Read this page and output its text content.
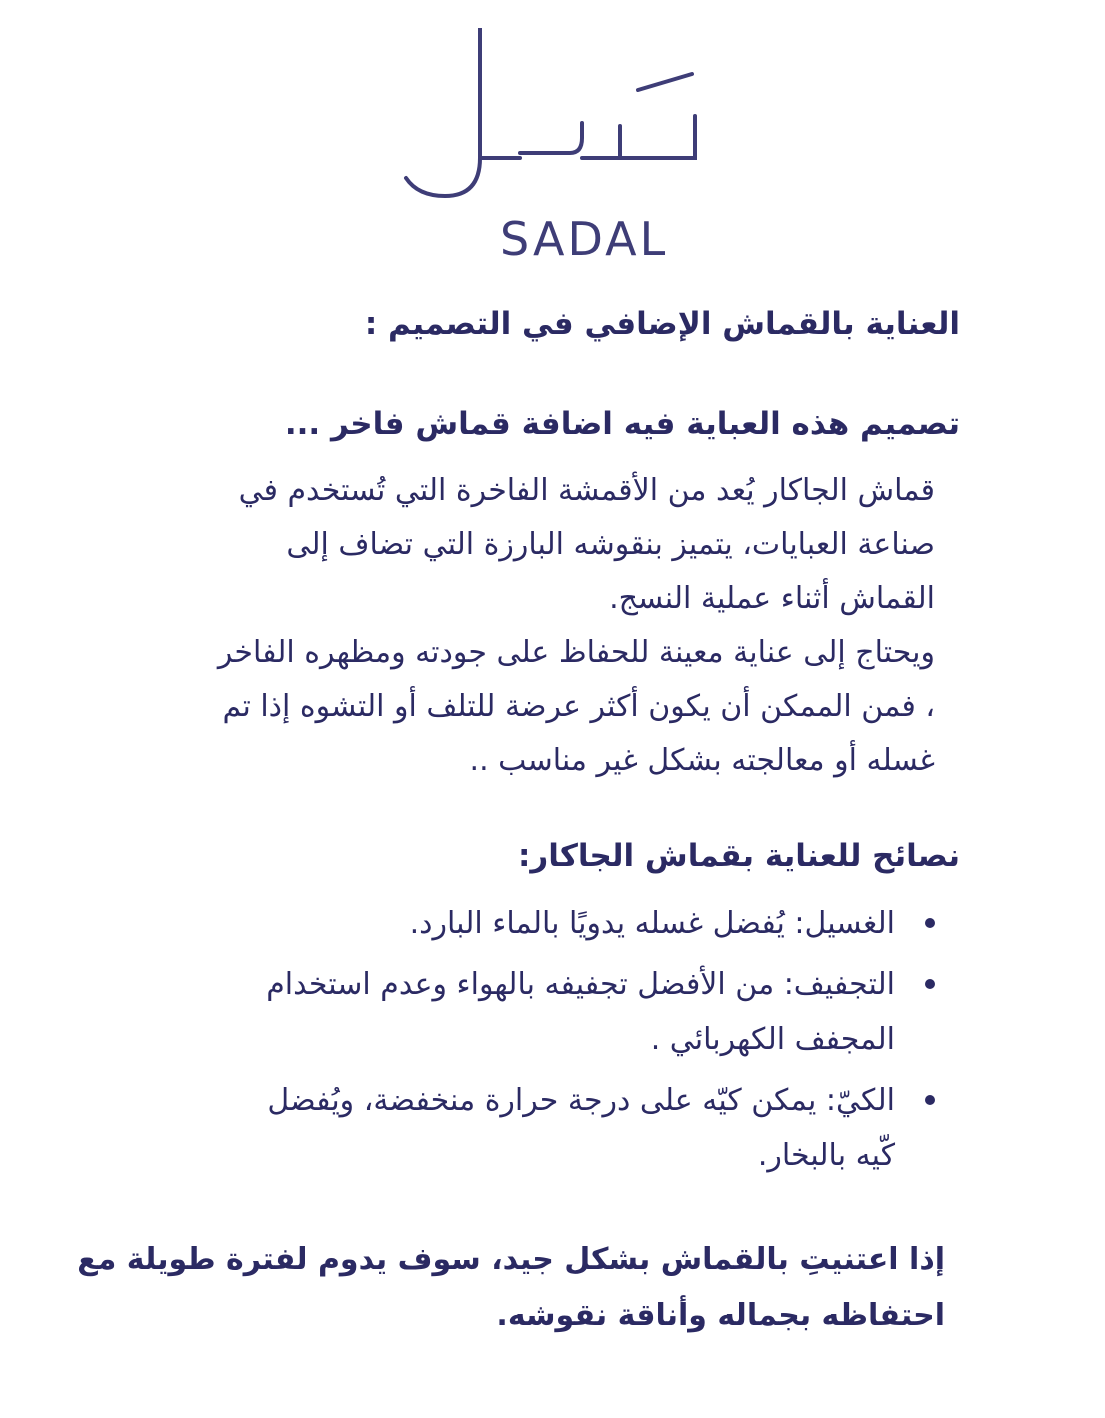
SADAL
العناية بالقماش الإضافي في التصميم :
تصميم هذه العباية فيه اضافة قماش فاخر ...

قماش الجاكار يُعد من الأقمشة الفاخرة التي تُستخدم في

صناعة العبايات، يتميز بنقوشه البارزة التي تضاف إلى

القماش أثناء عملية النسج.

ويحتاج إلى عناية معينة للحفاظ على جودته ومظهره الفاخر

، فمن الممكن أن يكون أكثر عرضة للتلف أو التشوه إذا تم

غسله أو معالجته بشكل غير مناسب ..

نصائح للعناية بقماش الجاكار:
الغسيل: يُفضل غسله يدويًا بالماء البارد.
التجفيف: من الأفضل تجفيفه بالهواء وعدم استخدام
المجفف الكهربائي .
الكيّ: يمكن كيّه على درجة حرارة منخفضة، ويُفضل
كّيه بالبخار.

إذا اعتنيتِ بالقماش بشكل جيد، سوف يدوم لفترة طويلة مع

احتفاظه بجماله وأناقة نقوشه.
